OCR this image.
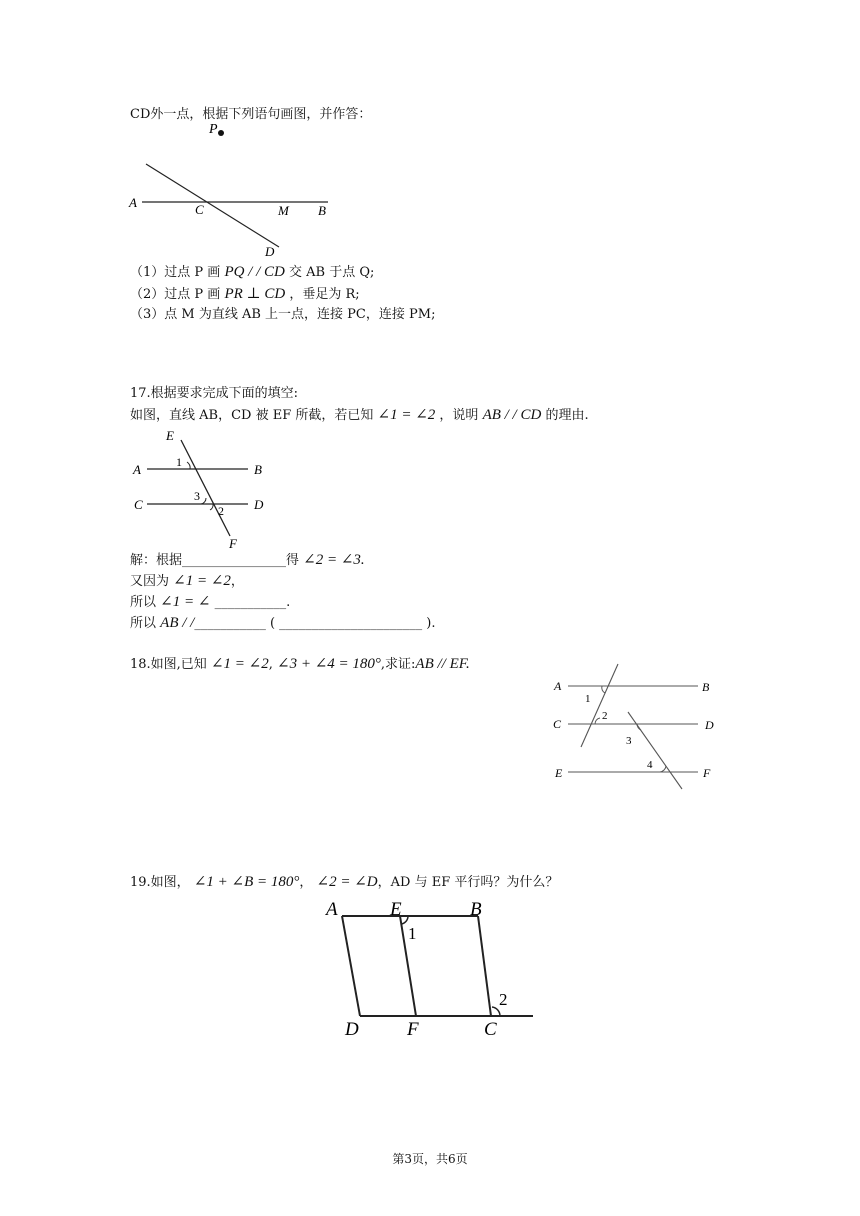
CD外一点，根据下列语句画图，并作答：
P
A	C	M B
D
（1）过点 P 画 PQ / / CD 交 AB 于点 Q;
（2）过点 P 画 PR ⊥ CD ，垂足为 R;
（3）点 M 为直线 AB 上一点，连接 PC，连接 PM;
17.根据要求完成下面的填空:
如图，直线 AB，CD 被 EF 所截，若已知 ∠1 = ∠2 ，说明 AB / / CD 的理由.
E
A	B
C	D
F
1
3
2
解：根据________________得 ∠2 = ∠3.
又因为 ∠1 = ∠2，
所以 ∠1 = ∠ ___________.
所以 AB / /___________ ( ______________________ ).
18.如图,已知 ∠1 = ∠2, ∠3 + ∠4 = 180°,求证:AB // EF.
A	B
C	D
E	F
1
2
3
4
19.如图， ∠1 + ∠B = 180°， ∠2 = ∠D，AD 与 EF 平行吗？为什么？
A	E	B
D	F	C
1
2
第3页，共6页
